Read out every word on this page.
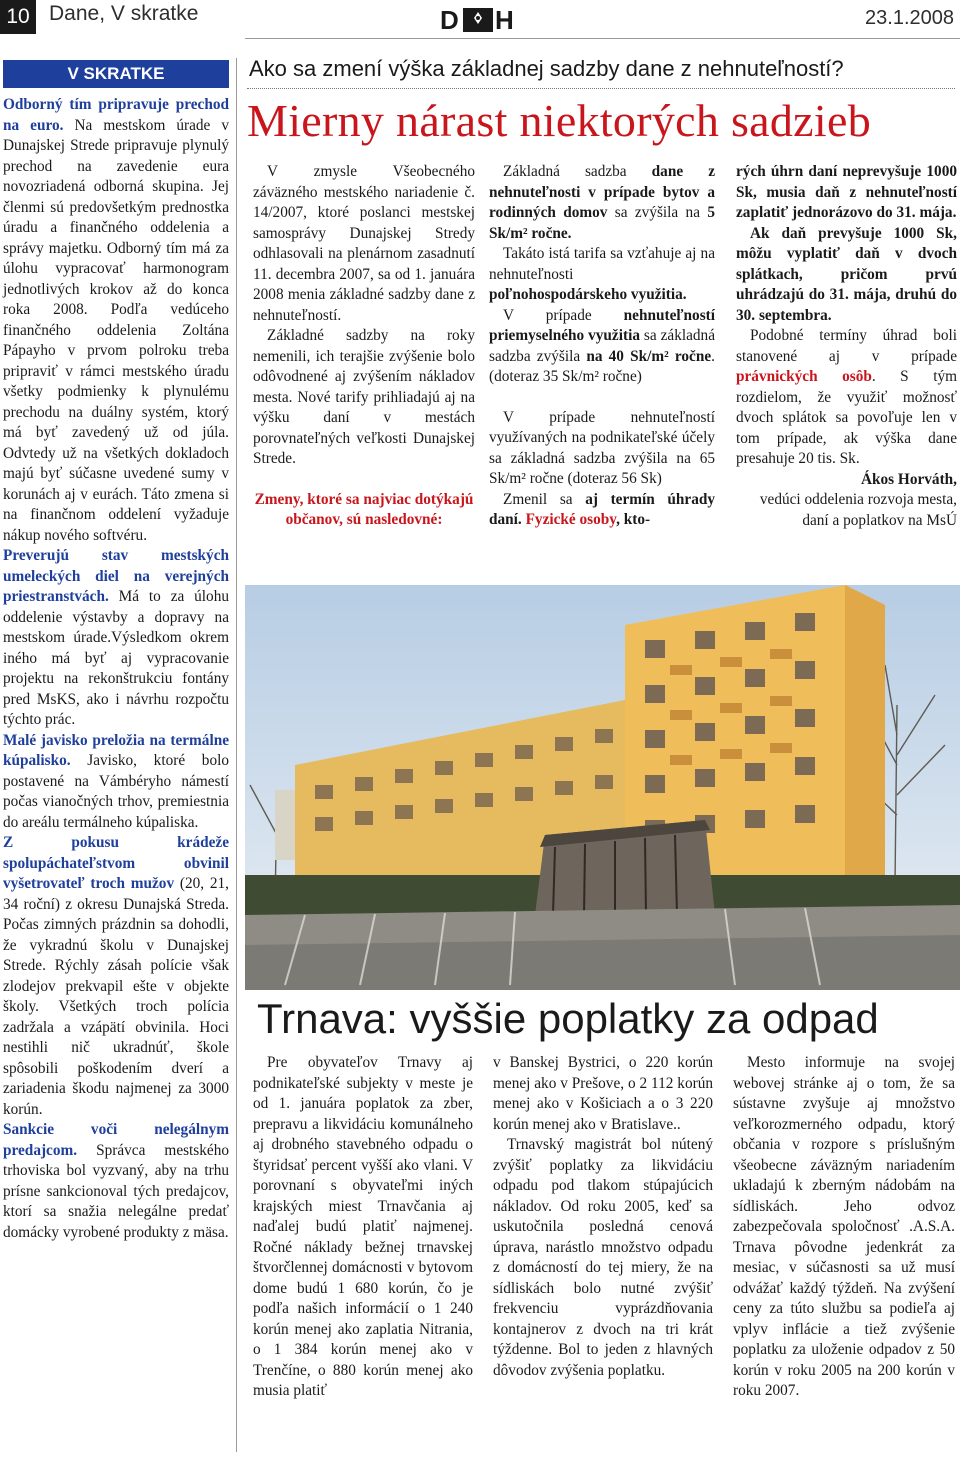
10 Dane, V skratke	D H	23.1.2008
V SKRATKE

Odborný tím pripravuje prechod na euro. Na mestskom úrade v Dunajskej Strede pripravuje plynulý prechod na zavedenie eura novozriadená odborná skupina. Jej členmi sú predovšetkým prednostka úradu a finančného oddelenia a správy majetku. Odborný tím má za úlohu vypracovať harmonogram jednotlivých krokov až do konca roka 2008. Podľa vedúceho finančného oddelenia Zoltána Pápayho v prvom polroku treba pripraviť v rámci mestského úradu všetky podmienky k plynulému prechodu na duálny systém, ktorý má byť zavedený už od júla. Odvtedy už na všetkých dokladoch majú byť súčasne uvedené sumy v korunách aj v eurách. Táto zmena si na finančnom oddelení vyžaduje nákup nového softvéru.

Preverujú stav mestských umeleckých diel na verejných priestranstvách. Má to za úlohu oddelenie výstavby a dopravy na mestskom úrade.Výsledkom okrem iného má byť aj vypracovanie projektu na rekonštrukciu fontány pred MsKS, ako i návrhu rozpočtu týchto prác.

Malé javisko preložia na termálne kúpalisko. Javisko, ktoré bolo postavené na Vámbéryho námestí počas vianočných trhov, premiestnia do areálu termálneho kúpaliska.

Z pokusu krádeže spolupáchateľstvom obvinil vyšetrovateľ troch mužov (20, 21, 34 roční) z okresu Dunajská Streda. Počas zimných prázdnin sa dohodli, že vykradnú školu v Dunajskej Strede. Rýchly zásah polície však zlodejov prekvapil ešte v objekte školy. Všetkých troch polícia zadržala a vzápätí obvinila. Hoci nestihli nič ukradnúť, škole spôsobili poškodením dverí a zariadenia škodu najmenej za 3000 korún.

Sankcie voči nelegálnym predajcom. Správca mestského trhoviska bol vyzvaný, aby na trhu prísne sankcionoval tých predajcov, ktorí sa snažia nelegálne predať domácky vyrobené produkty z mäsa.

Ako sa zmení výška základnej sadzby dane z nehnuteľností?
Mierny nárast niektorých sadzieb

V zmysle Všeobecného záväzného mestského nariadenie č. 14/2007, ktoré poslanci mestskej samosprávy Dunajskej Stredy odhlasovali na plenárnom zasadnutí 11. decembra 2007, sa od 1. januára 2008 menia základné sadzby dane z nehnuteľností.

Základné sadzby na roky nemenili, ich terajšie zvýšenie bolo odôvodnené aj zvýšením nákladov mesta. Nové tarify prihliadajú aj na výšku daní v mestách porovnateľných veľkosti Dunajskej Strede.

Zmeny, ktoré sa najviac dotýkajú občanov, sú nasledovné:

Základná sadzba dane z nehnuteľnosti v prípade bytov a rodinných domov sa zvýšila na 5 Sk/m² ročne.

Takáto istá tarifa sa vzťahuje aj na nehnuteľnosti poľnohospodárskeho využitia.

V prípade nehnuteľností priemyselného využitia sa základná sadzba zvýšila na 40 Sk/m² ročne. (doteraz 35 Sk/m² ročne)

V prípade nehnuteľností využívaných na podnikateľské účely sa základná sadzba zvýšila na 65 Sk/m² ročne (doteraz 56 Sk)

Zmenil sa aj termín úhrady daní. Fyzické osoby, kto-

rých úhrn daní neprevyšuje 1000 Sk, musia daň z nehnuteľností zaplatiť jednorázovo do 31. mája.

Ak daň prevyšuje 1000 Sk, môžu vyplatiť daň v dvoch splátkach, pričom prvú uhrádzajú do 31. mája, druhú do 30. septembra.

Podobné termíny úhrad boli stanovené aj v prípade právnických osôb. S tým rozdielom, že využiť možnosť dvoch splátok sa povoľuje len v tom prípade, ak výška dane presahuje 20 tis. Sk.

Ákos Horváth,

vedúci oddelenia rozvoja mesta, daní a poplatkov na MsÚ

Trnava: vyššie poplatky za odpad

Pre obyvateľov Trnavy aj podnikateľské subjekty v meste je od 1. januára poplatok za zber, prepravu a likvidáciu komunálneho aj drobného stavebného odpadu o štyridsať percent vyšší ako vlani. V porovnaní s obyvateľmi iných krajských miest Trnavčania aj naďalej budú platiť najmenej. Ročné náklady bežnej trnavskej štvorčlennej domácnosti v bytovom dome budú 1 680 korún, čo je podľa našich informácií o 1 240 korún menej ako zaplatia Nitrania, o 1 384 korún menej ako v Trenčíne, o 880 korún menej ako musia platiť

v Banskej Bystrici, o 220 korún menej ako v Prešove, o 2 112 korún menej ako v Košiciach a o 3 220 korún menej ako v Bratislave..

Trnavský magistrát bol nútený zvýšiť poplatky za likvidáciu odpadu pod tlakom stúpajúcich nákladov. Od roku 2005, keď sa uskutočnila posledná cenová úprava, narástlo množstvo odpadu z domácností do tej miery, že na sídliskách bolo nutné zvýšiť frekvenciu vyprázdňovania kontajnerov z dvoch na tri krát týždenne. Bol to jeden z hlavných dôvodov zvýšenia poplatku.

Mesto informuje na svojej webovej stránke aj o tom, že sa sústavne zvyšuje aj množstvo veľkorozmerného odpadu, ktorý občania v rozpore s príslušným všeobecne záväzným nariadením ukladajú k zberným nádobám na sídliskách. Jeho odvoz zabezpečovala spoločnosť .A.S.A. Trnava pôvodne jedenkrát za mesiac, v súčasnosti sa už musí odvážať každý týždeň. Na zvýšení ceny za túto službu sa podieľa aj vplyv inflácie a tiež zvýšenie poplatku za uloženie odpadov z 50 korún v roku 2005 na 200 korún v roku 2007.
